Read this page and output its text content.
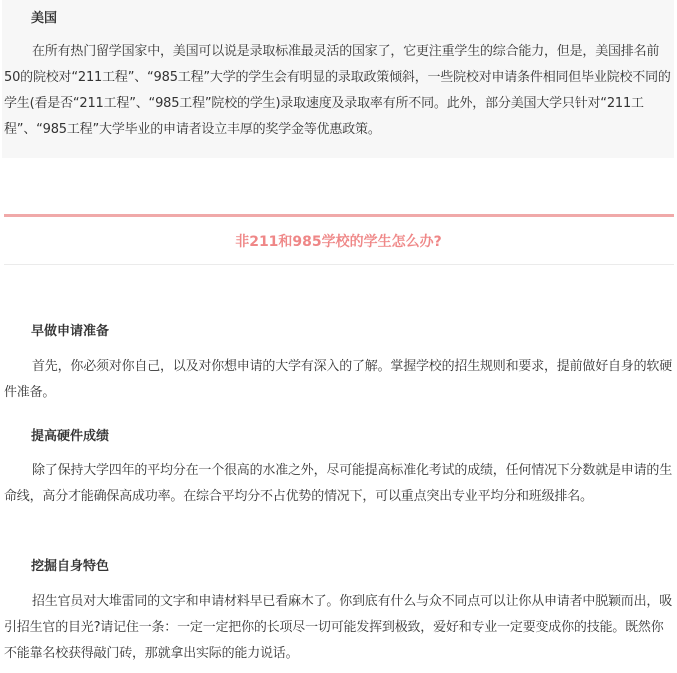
美国

在所有热门留学国家中，美国可以说是录取标准最灵活的国家了，它更注重学生的综合能力，但是，美国排名前50的院校对“211工程”、“985工程”大学的学生会有明显的录取政策倾斜，一些院校对申请条件相同但毕业院校不同的学生(看是否“211工程”、“985工程”院校的学生)录取速度及录取率有所不同。此外，部分美国大学只针对“211工程”、“985工程”大学毕业的申请者设立丰厚的奖学金等优惠政策。

非211和985学校的学生怎么办?
早做申请准备

首先，你必须对你自己，以及对你想申请的大学有深入的了解。掌握学校的招生规则和要求，提前做好自身的软硬件准备。

提高硬件成绩

除了保持大学四年的平均分在一个很高的水准之外，尽可能提高标准化考试的成绩，任何情况下分数就是申请的生命线，高分才能确保高成功率。在综合平均分不占优势的情况下，可以重点突出专业平均分和班级排名。

挖掘自身特色

招生官员对大堆雷同的文字和申请材料早已看麻木了。你到底有什么与众不同点可以让你从申请者中脱颖而出，吸引招生官的目光?请记住一条：一定一定把你的长项尽一切可能发挥到极致，爱好和专业一定要变成你的技能。既然你不能靠名校获得敲门砖，那就拿出实际的能力说话。
